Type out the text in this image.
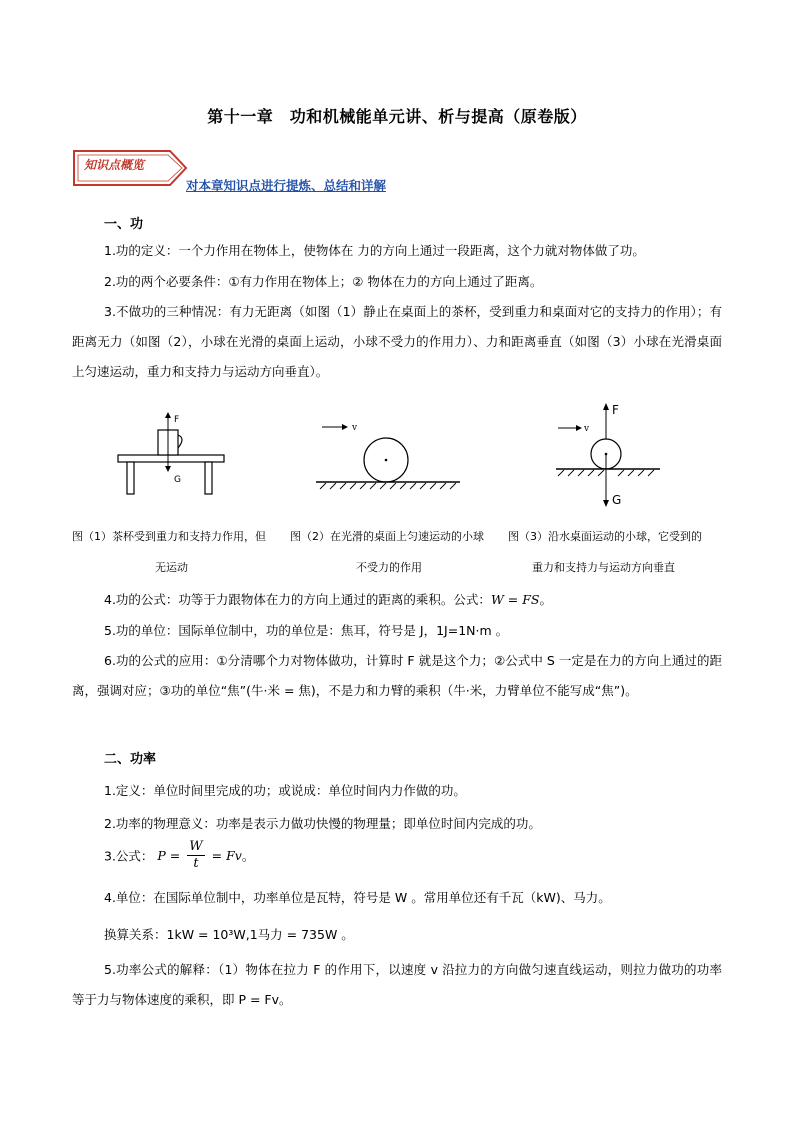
第十一章　功和机械能单元讲、析与提高（原卷版）
知识点概览
对本章知识点进行提炼、总结和详解
一、功
1.功的定义：一个力作用在物体上，使物体在 力的方向上通过一段距离，这个力就对物体做了功。
2.功的两个必要条件：①有力作用在物体上；② 物体在力的方向上通过了距离。
3.不做功的三种情况：有力无距离（如图（1）静止在桌面上的茶杯，受到重力和桌面对它的支持力的作用）；有距离无力（如图（2），小球在光滑的桌面上运动，小球不受力的作用力）、力和距离垂直（如图（3）小球在光滑桌面上匀速运动，重力和支持力与运动方向垂直）。
F
G
v	v
F
G
图（1）茶杯受到重力和支持力作用，但
无运动
图（2）在光滑的桌面上匀速运动的小球
不受力的作用
图（3）沿水桌面运动的小球，它受到的
重力和支持力与运动方向垂直
4.功的公式：功等于力跟物体在力的方向上通过的距离的乘积。公式：W = FS。
5.功的单位：国际单位制中，功的单位是：焦耳，符号是 J，1J=1N·m 。
6.功的公式的应用：①分清哪个力对物体做功，计算时 F 就是这个力；②公式中 S 一定是在力的方向上通过的距离，强调对应；③功的单位“焦”(牛·米 = 焦)，不是力和力臂的乘积（牛·米，力臂单位不能写成“焦”)。
二、功率
1.定义：单位时间里完成的功；或说成：单位时间内力作做的功。
2.功率的物理意义：功率是表示力做功快慢的物理量；即单位时间内完成的功。
3.公式： $P = \frac{W}{t} = Fv$。
4.单位：在国际单位制中，功率单位是瓦特，符号是 W 。常用单位还有千瓦（kW)、马力。
换算关系：1kW = 10³W,1马力 = 735W 。
5.功率公式的解释：（1）物体在拉力 F 的作用下，以速度 v 沿拉力的方向做匀速直线运动，则拉力做功的功率等于力与物体速度的乘积，即 P = Fv。
